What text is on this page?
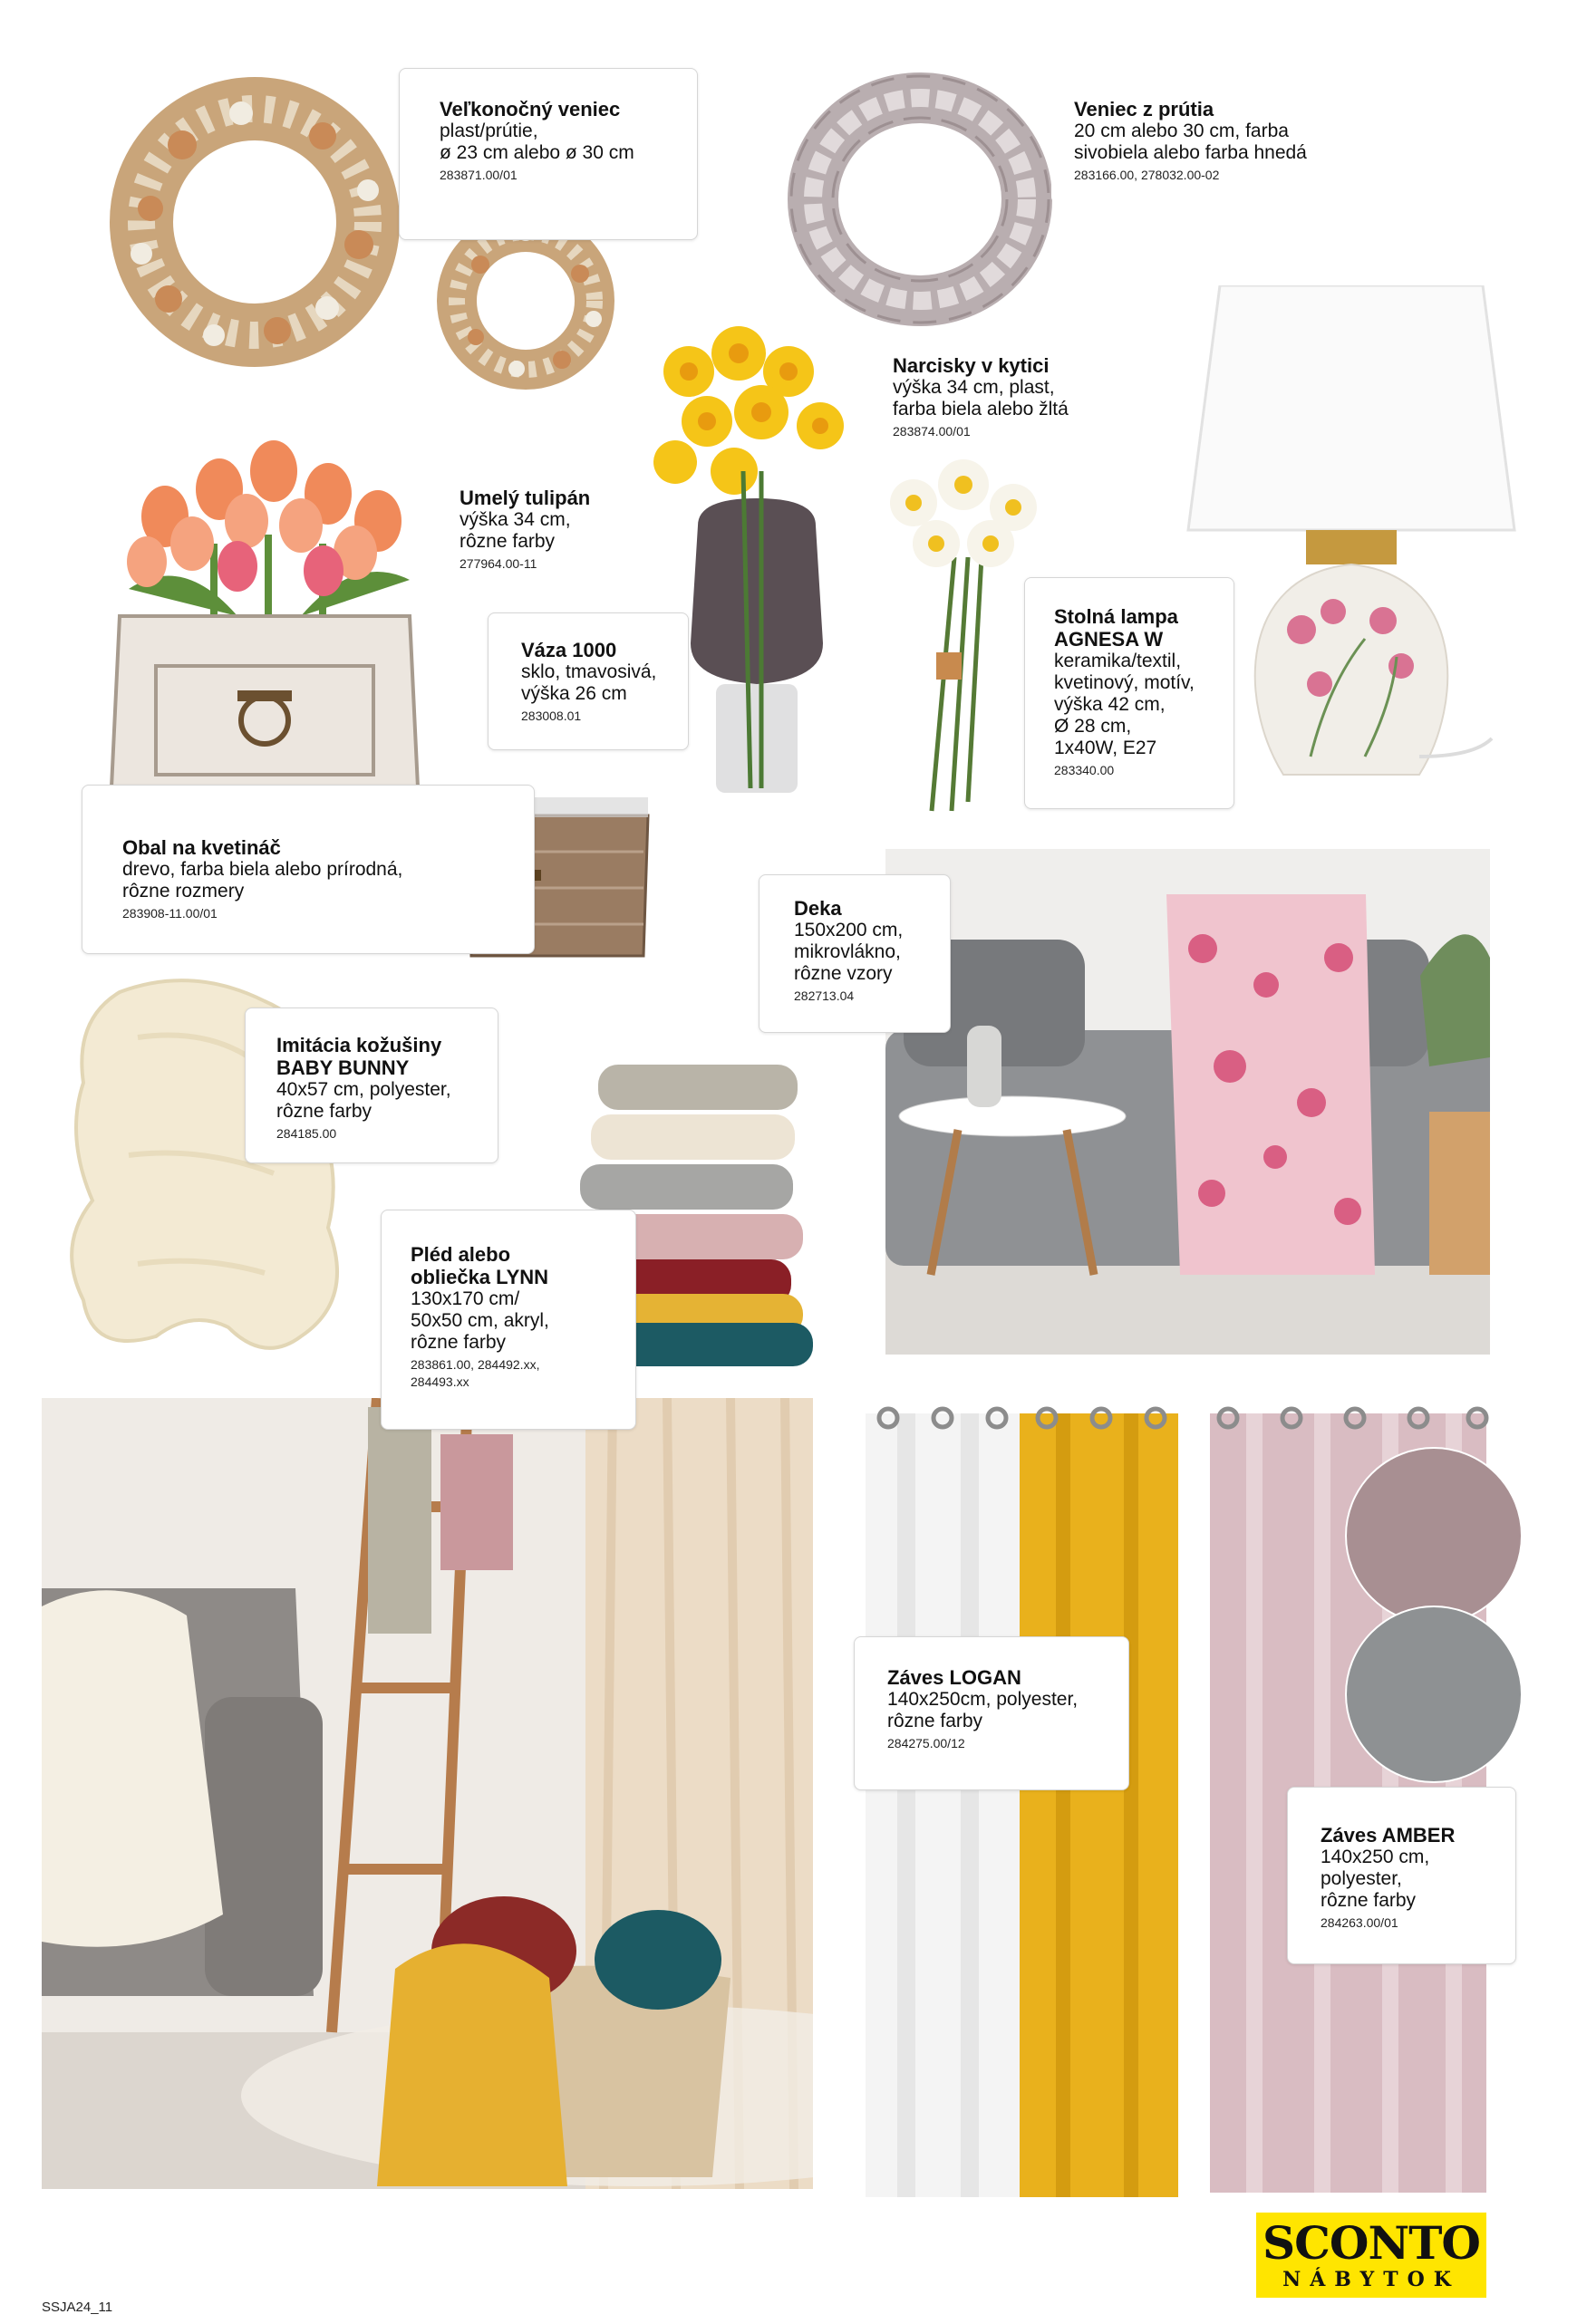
Veľkonočný veniec
plast/prútie,
ø 23 cm alebo ø 30 cm
283871.00/01
Veniec z prútia
20 cm alebo 30 cm, farba
sivobiela alebo farba hnedá
283166.00, 278032.00-02
Narcisky v kytici
výška 34 cm, plast,
farba biela alebo žltá
283874.00/01
Umelý tulipán
výška 34 cm,
rôzne farby
277964.00-11
Váza 1000
sklo, tmavosivá,
výška 26 cm
283008.01
Stolná lampa
AGNESA W
keramika/textil,
kvetinový, motív,
výška 42 cm,
Ø 28 cm,
1x40W, E27
283340.00
Obal na kvetináč
drevo, farba biela alebo prírodná,
rôzne rozmery
283908-11.00/01	Deka
150x200 cm,
mikrovlákno,
rôzne vzory
282713.04
Imitácia kožušiny
BABY BUNNY
40x57 cm, polyester,
rôzne farby
284185.00
Pléd alebo
obliečka LYNN
130x170 cm/
50x50 cm, akryl,
rôzne farby
283861.00, 284492.xx,
284493.xx
Záves LOGAN
140x250cm, polyester,
rôzne farby
284275.00/12
Záves AMBER
140x250 cm,
polyester,
rôzne farby
284263.00/01
SSJA24_11
SCONTO
NÁBYTOK
